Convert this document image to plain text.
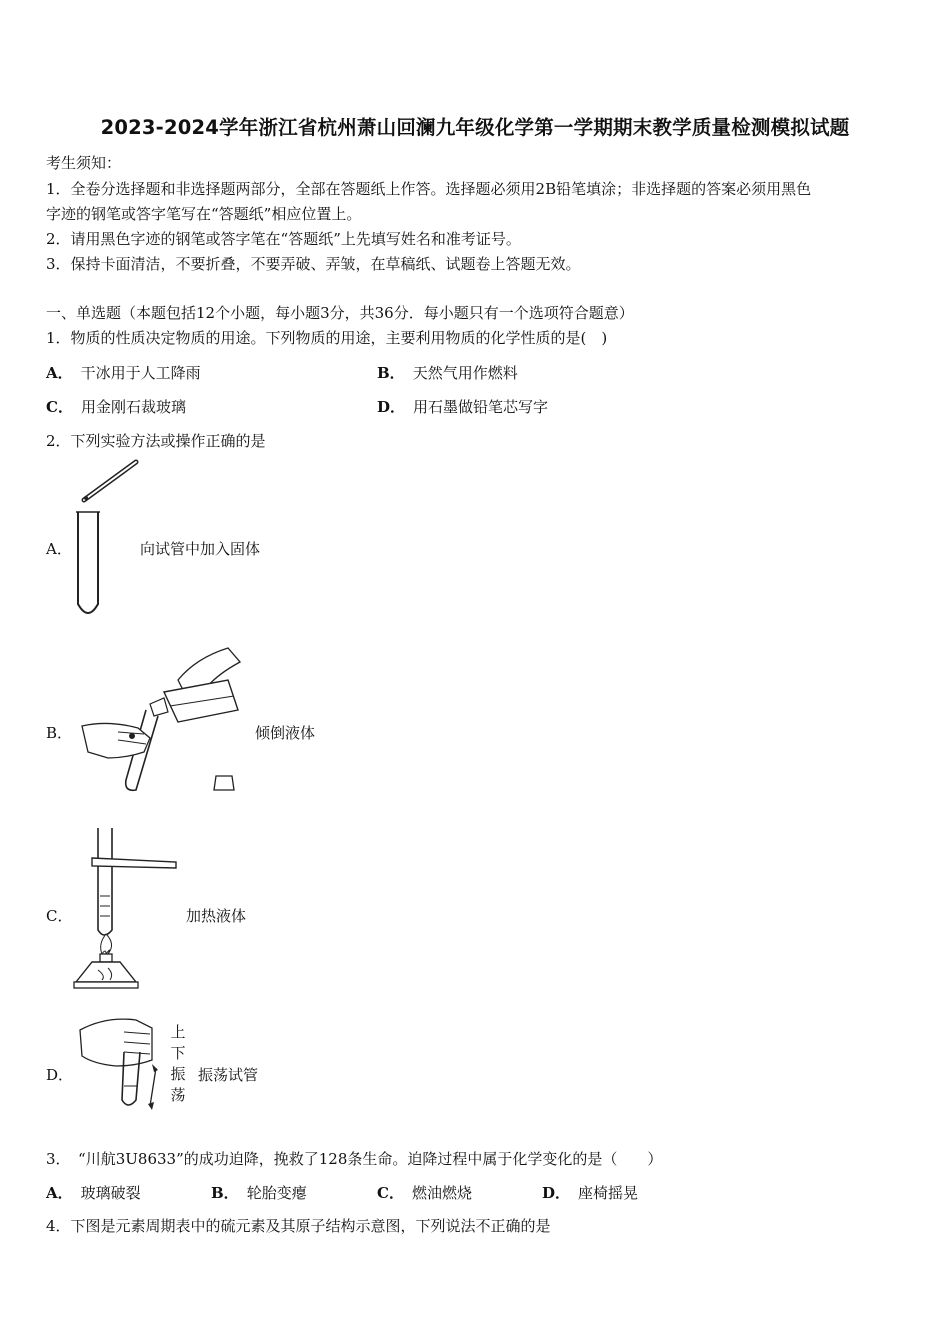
2023-2024学年浙江省杭州萧山回澜九年级化学第一学期期末教学质量检测模拟试题
考生须知：
1．全卷分选择题和非选择题两部分，全部在答题纸上作答。选择题必须用2B铅笔填涂；非选择题的答案必须用黑色
字迹的钢笔或答字笔写在“答题纸”相应位置上。
2．请用黑色字迹的钢笔或答字笔在“答题纸”上先填写姓名和准考证号。
3．保持卡面清洁，不要折叠，不要弄破、弄皱，在草稿纸、试题卷上答题无效。
一、单选题（本题包括12个小题，每小题3分，共36分．每小题只有一个选项符合题意）
1．物质的性质决定物质的用途。下列物质的用途，主要利用物质的化学性质的是(　)
A． 干冰用于人工降雨	B． 天然气用作燃料
C． 用金刚石裁玻璃	D． 用石墨做铅笔芯写字
2．下列实验方法或操作正确的是
A．	向试管中加入固体
B．	倾倒液体
C．	加热液体
D．
上下振荡
振荡试管
3．　“川航3U8633”的成功迫降，挽救了128条生命。迫降过程中属于化学变化的是（　　）
A． 玻璃破裂	B． 轮胎变瘪	C． 燃油燃烧	D． 座椅摇晃
4．下图是元素周期表中的硫元素及其原子结构示意图，下列说法不正确的是
